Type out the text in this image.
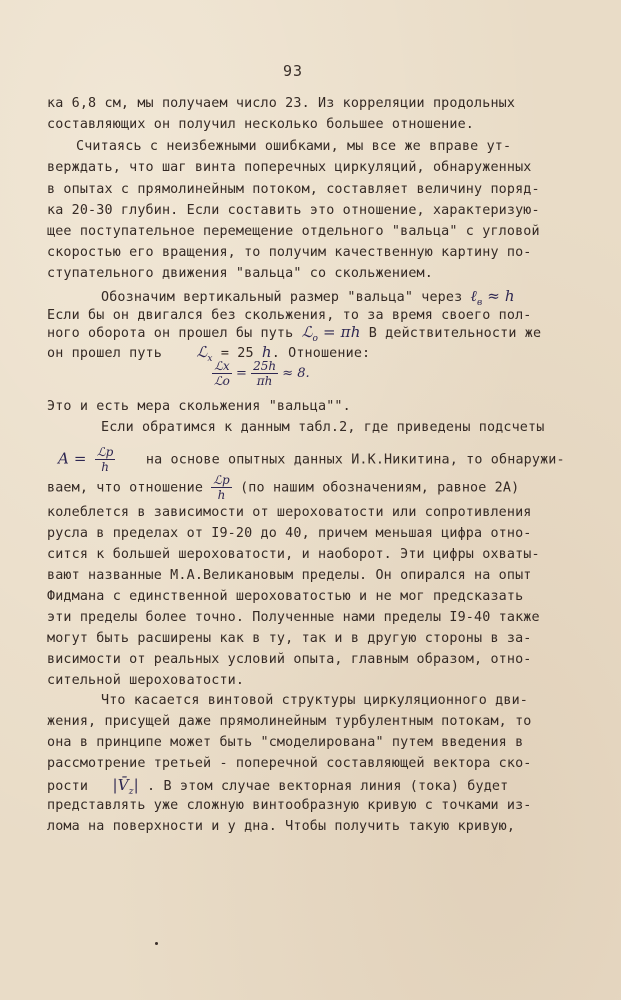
93
ка 6,8 см, мы получаем число 23. Из корреляции продольных
составляющих он получил несколько большее отношение.
Считаясь с неизбежными ошибками, мы все же вправе ут-
верждать, что шаг винта поперечных циркуляций, обнаруженных
в опытах с прямолинейным потоком, составляет величину поряд-
ка 20-30 глубин. Если составить это отношение, характеризую-
щее поступательное перемещение отдельного "вальца" с угловой
скоростью его вращения, то получим качественную картину по-
ступательного движения "вальца" со скольжением.
Обозначим вертикальный размер "вальца" через ℓ$_в$ ≈ h
Если бы он двигался без скольжения, то за время своего пол-
ного оборота он прошел бы путь ℒ$_o$ = πh В действительности же
он прошел путь ℒ$_x$ = 25 h. Отношение:
$\frac{\text{ℒx}}{\text{ℒo}} = \frac{25h}{\pi h} \approx 8$.
Это и есть мера скольжения "вальца"".
Если обратимся к данным табл.2, где приведены подсчеты
$A = \frac{\text{ℒp}}{h}$ на основе опытных данных И.К.Никитина, то обнаружи-
ваем, что отношение $\frac{\text{ℒp}}{h} (по$ нашим обозначениям, равное 2A)
колеблется в зависимости от шероховатости или сопротивления
русла в пределах от I9-20 до 40, причем меньшая цифра отно-
сится к большей шероховатости, и наоборот. Эти цифры охваты-
вают названные М.А.Великановым пределы. Он опирался на опыт
Фидмана с единственной шероховатостью и не мог предсказать
эти пределы более точно. Полученные нами пределы I9-40 также
могут быть расширены как в ту, так и в другую стороны в за-
висимости от реальных условий опыта, главным образом, отно-
сительной шероховатости.
Что касается винтовой структуры циркуляционного дви-
жения, присущей даже прямолинейным турбулентным потокам, то
она в принципе может быть "смоделирована" путем введения в
рассмотрение третьей - поперечной составляющей вектора ско-
рости $|V̄_z|$ . В этом случае векторная линия (тока) будет
представлять уже сложную винтообразную кривую с точками из-
лома на поверхности и у дна. Чтобы получить такую кривую,
